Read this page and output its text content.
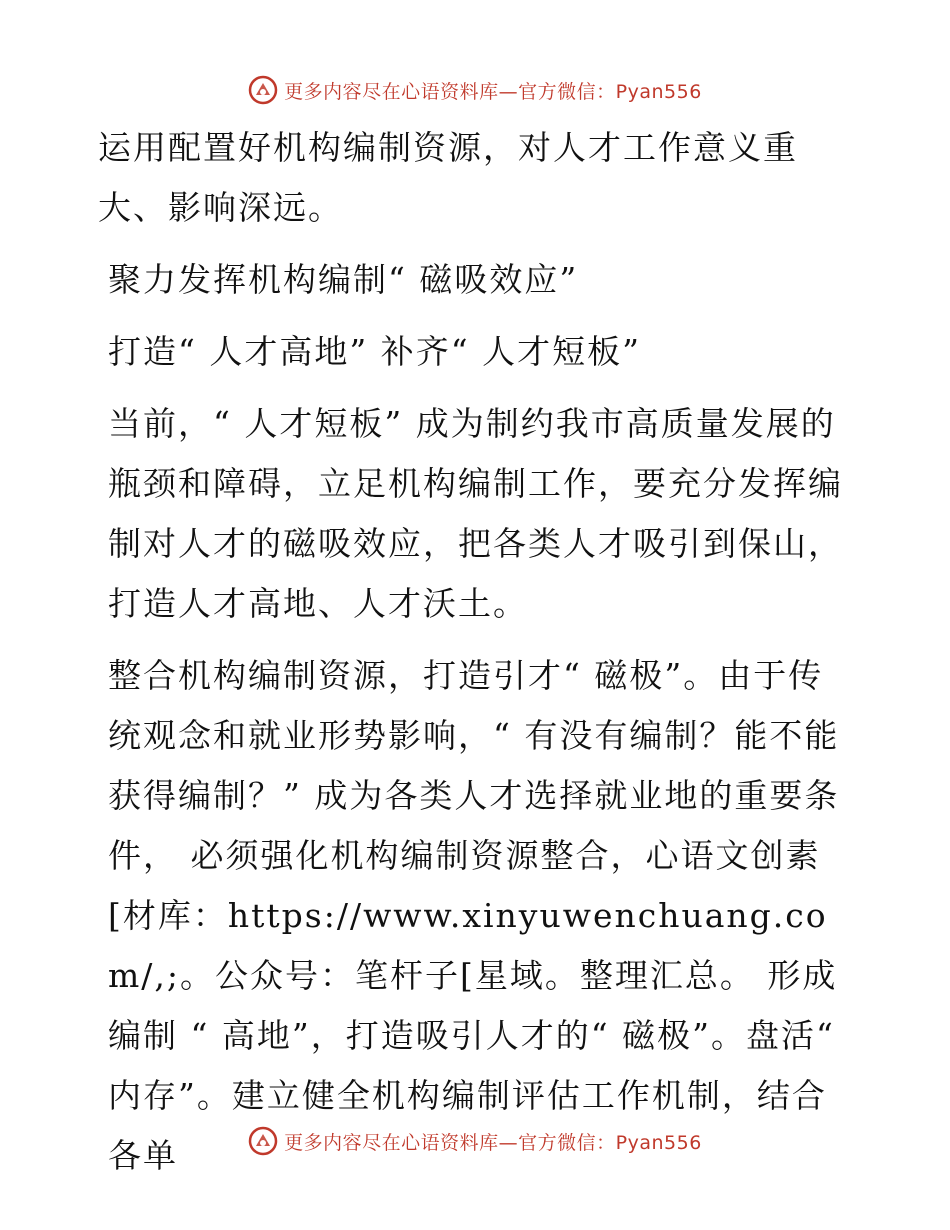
更多内容尽在心语资料库—官方微信：Pyan556

运用配置好机构编制资源，对人才工作意义重大、影响深远。

聚力发挥机构编制“ 磁吸效应”

打造“ 人才高地” 补齐“ 人才短板”

当前，“ 人才短板” 成为制约我市高质量发展的瓶颈和障碍，立足机构编制工作，要充分发挥编制对人才的磁吸效应，把各类人才吸引到保山，打造人才高地、人才沃土。

整合机构编制资源，打造引才“ 磁极”。由于传统观念和就业形势影响，“ 有没有编制？能不能获得编制？” 成为各类人才选择就业地的重要条件， 必须强化机构编制资源整合，心语文创素[材库：https://www.xinyuwenchuang.com/,;。公众号：笔杆子[星域。整理汇总。 形成编制 “ 高地”，打造吸引人才的“ 磁极”。盘活“ 内存”。建立健全机构编制评估工作机制，结合各单	更多内容尽在心语资料库—官方微信：Pyan556
